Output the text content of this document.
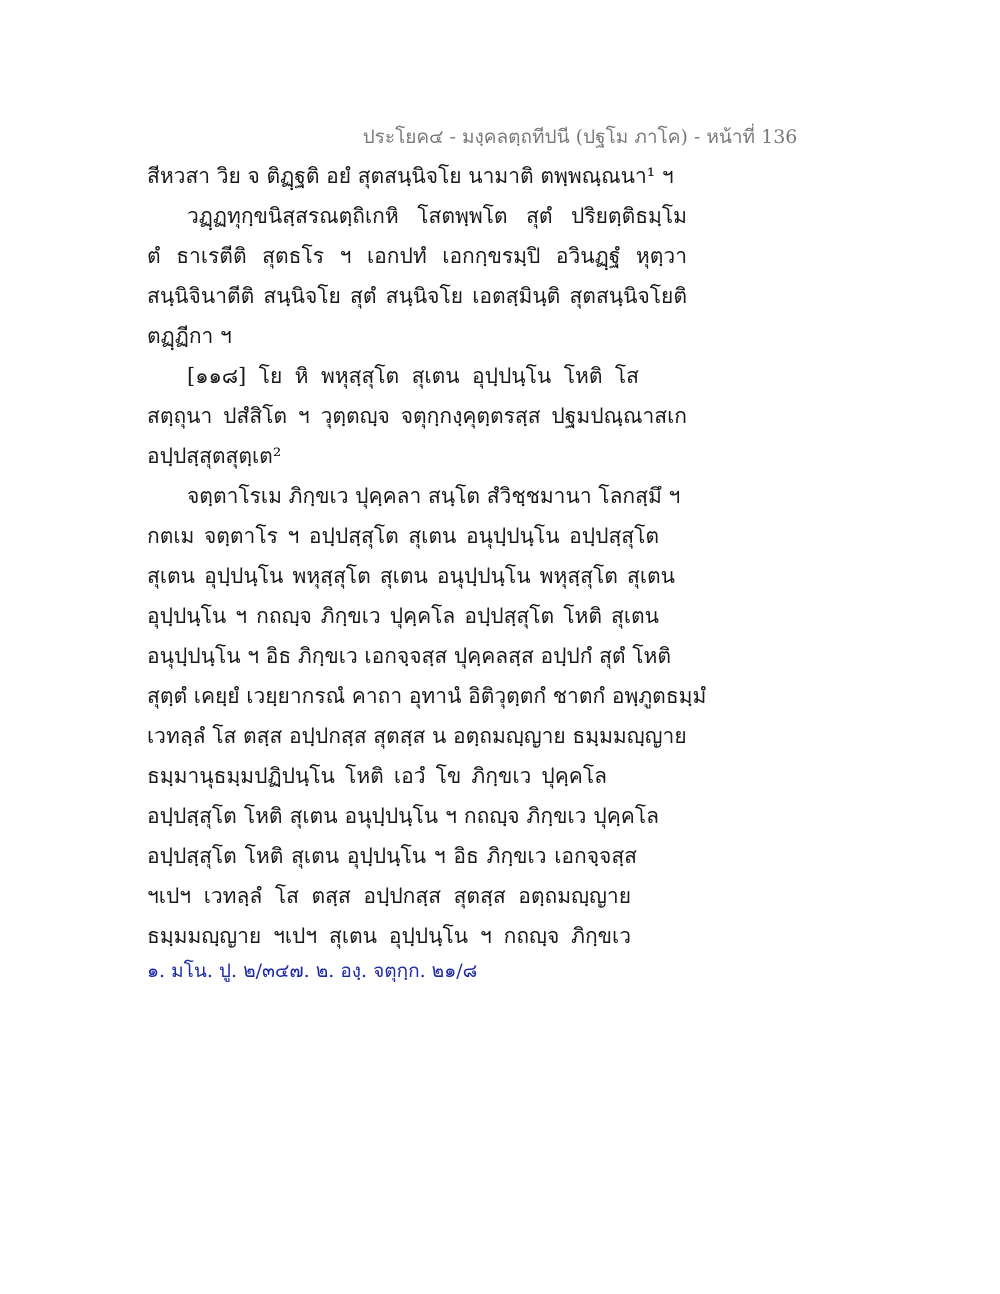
ประโยค๔ - มงฺคลตฺถทีปนี (ปฐโม ภาโค) - หน้าที่ 136
สีหวสา วิย จ ติฏฺฐติ อยํ สุตสนฺนิจโย นามาติ ตพฺพณฺณนา¹ ฯ
วฏฺฏทุกฺขนิสฺสรณตฺถิเกหิ โสตพฺพโต สุตํ ปริยตฺติธมฺโม
ตํ ธาเรตีติ สุตธโร ฯ เอกปทํ เอกกฺขรมฺปิ อวินฏฺฐํ หุตฺวา
สนฺนิจินาตีติ สนฺนิจโย สุตํ สนฺนิจโย เอตสฺมินฺติ สุตสนฺนิจโยติ
ตฏฺฏีกา ฯ
[๑๑๘] โย หิ พหุสฺสุโต สุเตน อุปฺปนฺโน โหติ โส
สตฺถุนา ปสํสิโต ฯ วุตฺตญฺจ จตุกฺกงฺคุตฺตรสฺส ปฐมปณฺณาสเก
อปฺปสฺสุตสุตฺเต²
จตฺตาโรเม ภิกฺขเว ปุคฺคลา สนฺโต สํวิชฺชมานา โลกสฺมึ ฯ
กตเม จตฺตาโร ฯ อปฺปสฺสุโต สุเตน อนุปฺปนฺโน อปฺปสฺสุโต
สุเตน อุปฺปนฺโน พหุสฺสุโต สุเตน อนุปฺปนฺโน พหุสฺสุโต สุเตน
อุปฺปนฺโน ฯ กถญฺจ ภิกฺขเว ปุคฺคโล อปฺปสฺสุโต โหติ สุเตน
อนุปฺปนฺโน ฯ อิธ ภิกฺขเว เอกจฺจสฺส ปุคฺคลสฺส อปฺปกํ สุตํ โหติ
สุตฺตํ เคยฺยํ เวยฺยากรณํ คาถา อุทานํ อิติวุตฺตกํ ชาตกํ อพฺภูตธมฺมํ
เวทลฺลํ โส ตสฺส อปฺปกสฺส สุตสฺส น อตฺถมญฺญาย ธมฺมมญฺญาย
ธมฺมานุธมฺมปฏิปนฺโน โหติ เอวํ โข ภิกฺขเว ปุคฺคโล
อปฺปสฺสุโต โหติ สุเตน อนุปฺปนฺโน ฯ กถญฺจ ภิกฺขเว ปุคฺคโล
อปฺปสฺสุโต โหติ สุเตน อุปฺปนฺโน ฯ อิธ ภิกฺขเว เอกจฺจสฺส
ฯเปฯ เวทลฺลํ โส ตสฺส อปฺปกสฺส สุตสฺส อตฺถมญฺญาย
ธมฺมมญฺญาย ฯเปฯ สุเตน อุปฺปนฺโน ฯ กถญฺจ ภิกฺขเว
๑. มโน. ปู. ๒/๓๔๗. ๒. องฺ. จตุกฺก. ๒๑/๘
